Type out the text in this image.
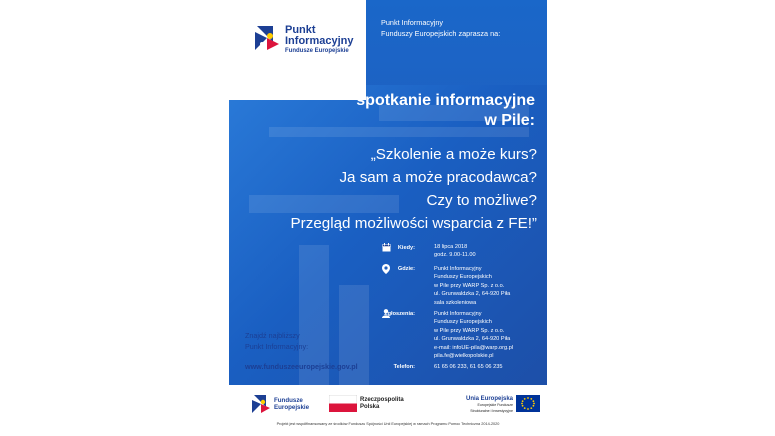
Punkt
Informacyjny
Fundusze Europejskie
Punkt Informacyjny
Funduszy Europejskich zaprasza na:
spotkanie informacyjne
w Pile:
„Szkolenie a może kurs?
Ja sam a może pracodawca?
Czy to możliwe?
Przegląd możliwości wsparcia z FE!”
Kiedy:	18 lipca 2018
godz. 9.00-11.00
Gdzie:	Punkt Informacyjny
Funduszy Europejskich
w Pile przy WARP Sp. z o.o.
ul. Grunwaldzka 2, 64-920 Piła
sala szkoleniowa
Zgłoszenia:	Punkt Informacyjny
Funduszy Europejskich
w Pile przy WARP Sp. z o.o.
ul. Grunwaldzka 2, 64-920 Piła
e-mail: infoUE-pila@warp.org.pl
pila.fe@wielkopolskie.pl
Telefon:	61 65 06 233, 61 65 06 235
Znajdź najbliższy
Punkt Informacyjny:
www.funduszeeuropejskie.gov.pl
Fundusze
Europejskie
Rzeczpospolita
Polska
Unia Europejska
Europejskie Fundusze
Strukturalne i Inwestycyjne
Projekt jest współfinansowany ze środków Funduszu Spójności Unii Europejskiej w ramach Programu Pomoc Techniczna 2014-2020
